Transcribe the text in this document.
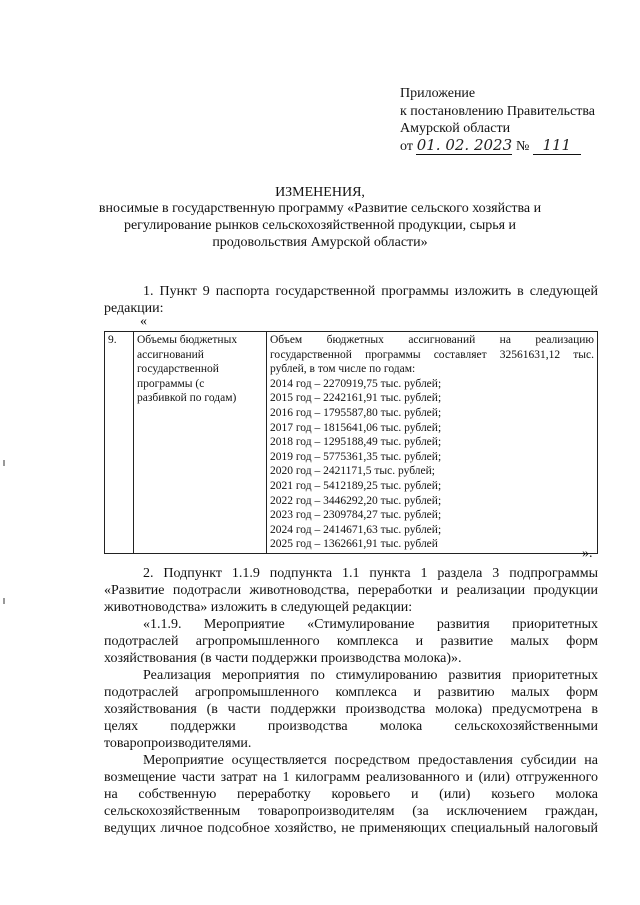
Приложение
к постановлению Правительства
Амурской области
от 01. 02. 2023 № 111
ИЗМЕНЕНИЯ,
вносимые в государственную программу «Развитие сельского хозяйства и
регулирование рынков сельскохозяйственной продукции, сырья и
продовольствия Амурской области»
1. Пункт 9 паспорта государственной программы изложить в следующей
редакции:
«
9.	Объемы бюджетных
ассигнований
государственной
программы (с
разбивкой по годам)

Объем бюджетных ассигнований на реализацию
государственной программы составляет 32561631,12 тыс.
рублей, в том числе по годам:
2014 год – 2270919,75 тыс. рублей;
2015 год – 2242161,91 тыс. рублей;
2016 год – 1795587,80 тыс. рублей;
2017 год – 1815641,06 тыс. рублей;
2018 год – 1295188,49 тыс. рублей;
2019 год – 5775361,35 тыс. рублей;
2020 год – 2421171,5 тыс. рублей;
2021 год – 5412189,25 тыс. рублей;
2022 год – 3446292,20 тыс. рублей;
2023 год – 2309784,27 тыс. рублей;
2024 год – 2414671,63 тыс. рублей;
2025 год – 1362661,91 тыс. рублей
».
2. Подпункт 1.1.9 подпункта 1.1 пункта 1 раздела 3 подпрограммы
«Развитие подотрасли животноводства, переработки и реализации продукции
животноводства» изложить в следующей редакции:
«1.1.9. Мероприятие «Стимулирование развития приоритетных
подотраслей агропромышленного комплекса и развитие малых форм
хозяйствования (в части поддержки производства молока)».
Реализация мероприятия по стимулированию развития приоритетных
подотраслей агропромышленного комплекса и развитию малых форм
хозяйствования (в части поддержки производства молока) предусмотрена в
целях поддержки производства молока сельскохозяйственными
товаропроизводителями.
Мероприятие осуществляется посредством предоставления субсидии на
возмещение части затрат на 1 килограмм реализованного и (или) отгруженного
на собственную переработку коровьего и (или) козьего молока
сельскохозяйственным товаропроизводителям (за исключением граждан,
ведущих личное подсобное хозяйство, не применяющих специальный налоговый
